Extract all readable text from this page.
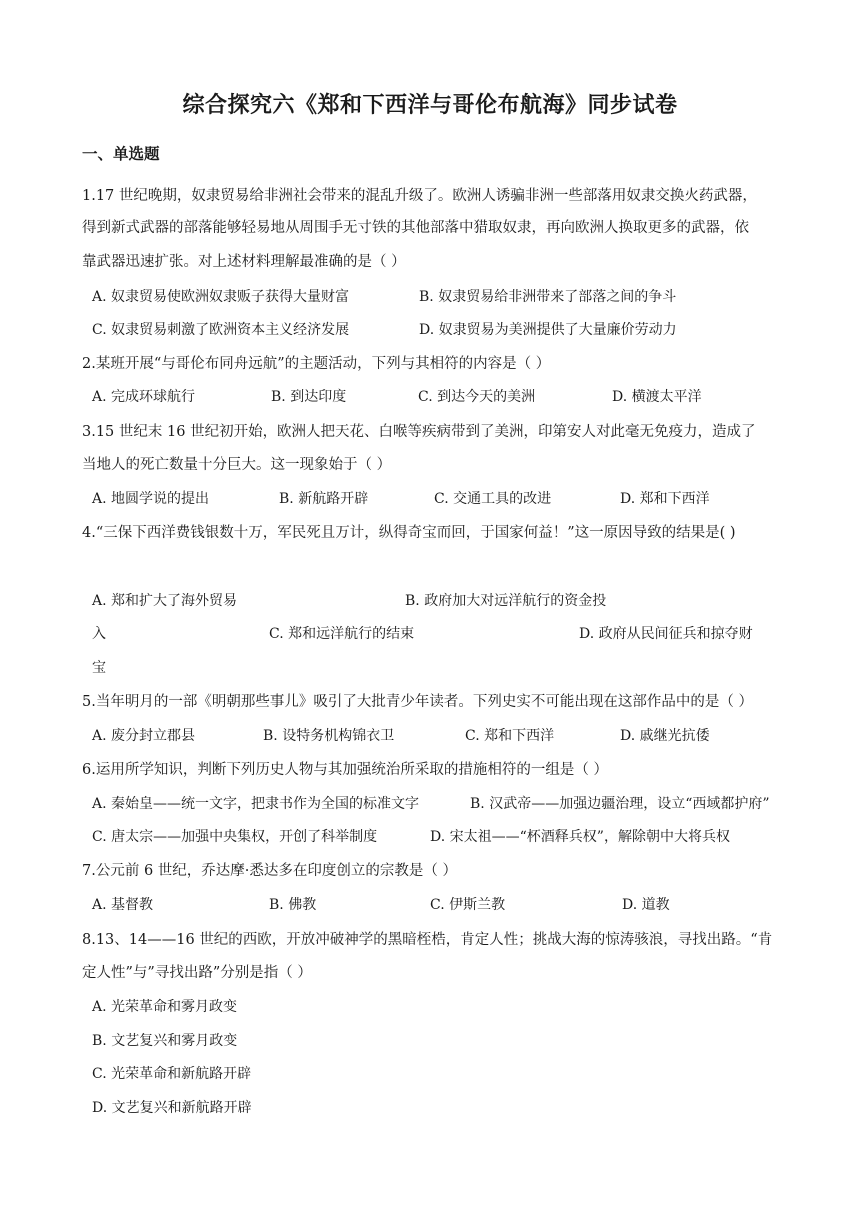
综合探究六《郑和下西洋与哥伦布航海》同步试卷
一、单选题
1.17 世纪晚期，奴隶贸易给非洲社会带来的混乱升级了。欧洲人诱骗非洲一些部落用奴隶交换火药武器，
得到新式武器的部落能够轻易地从周围手无寸铁的其他部落中猎取奴隶，再向欧洲人换取更多的武器，依
靠武器迅速扩张。对上述材料理解最准确的是（ ）
A. 奴隶贸易使欧洲奴隶贩子获得大量财富	B. 奴隶贸易给非洲带来了部落之间的争斗
C. 奴隶贸易刺激了欧洲资本主义经济发展	D. 奴隶贸易为美洲提供了大量廉价劳动力
2.某班开展“与哥伦布同舟远航”的主题活动，下列与其相符的内容是（ ）
A. 完成环球航行	B. 到达印度	C. 到达今天的美洲	D. 横渡太平洋
3.15 世纪末 16 世纪初开始，欧洲人把天花、白喉等疾病带到了美洲，印第安人对此毫无免疫力，造成了
当地人的死亡数量十分巨大。这一现象始于（ ）
A. 地圆学说的提出	B. 新航路开辟	C. 交通工具的改进	D. 郑和下西洋
4.“三保下西洋费钱银数十万，军民死且万计，纵得奇宝而回，于国家何益！”这一原因导致的结果是( )
A. 郑和扩大了海外贸易	B. 政府加大对远洋航行的资金投
入	C. 郑和远洋航行的结束	D. 政府从民间征兵和掠夺财
宝
5.当年明月的一部《明朝那些事儿》吸引了大批青少年读者。下列史实不可能出现在这部作品中的是（ ）
A. 废分封立郡县	B. 设特务机构锦衣卫	C. 郑和下西洋	D. 戚继光抗倭
6.运用所学知识，判断下列历史人物与其加强统治所采取的措施相符的一组是（ ）
A. 秦始皇——统一文字，把隶书作为全国的标准文字	B. 汉武帝——加强边疆治理，设立“西域都护府”
C. 唐太宗——加强中央集权，开创了科举制度	D. 宋太祖——“杯酒释兵权”，解除朝中大将兵权
7.公元前 6 世纪，乔达摩·悉达多在印度创立的宗教是（ ）
A. 基督教	B. 佛教	C. 伊斯兰教	D. 道教
8.13、14——16 世纪的西欧，开放冲破神学的黑暗桎梏，肯定人性；挑战大海的惊涛骇浪，寻找出路。“肯
定人性”与”寻找出路”分别是指（ ）
A. 光荣革命和雾月政变
B. 文艺复兴和雾月政变
C. 光荣革命和新航路开辟
D. 文艺复兴和新航路开辟
